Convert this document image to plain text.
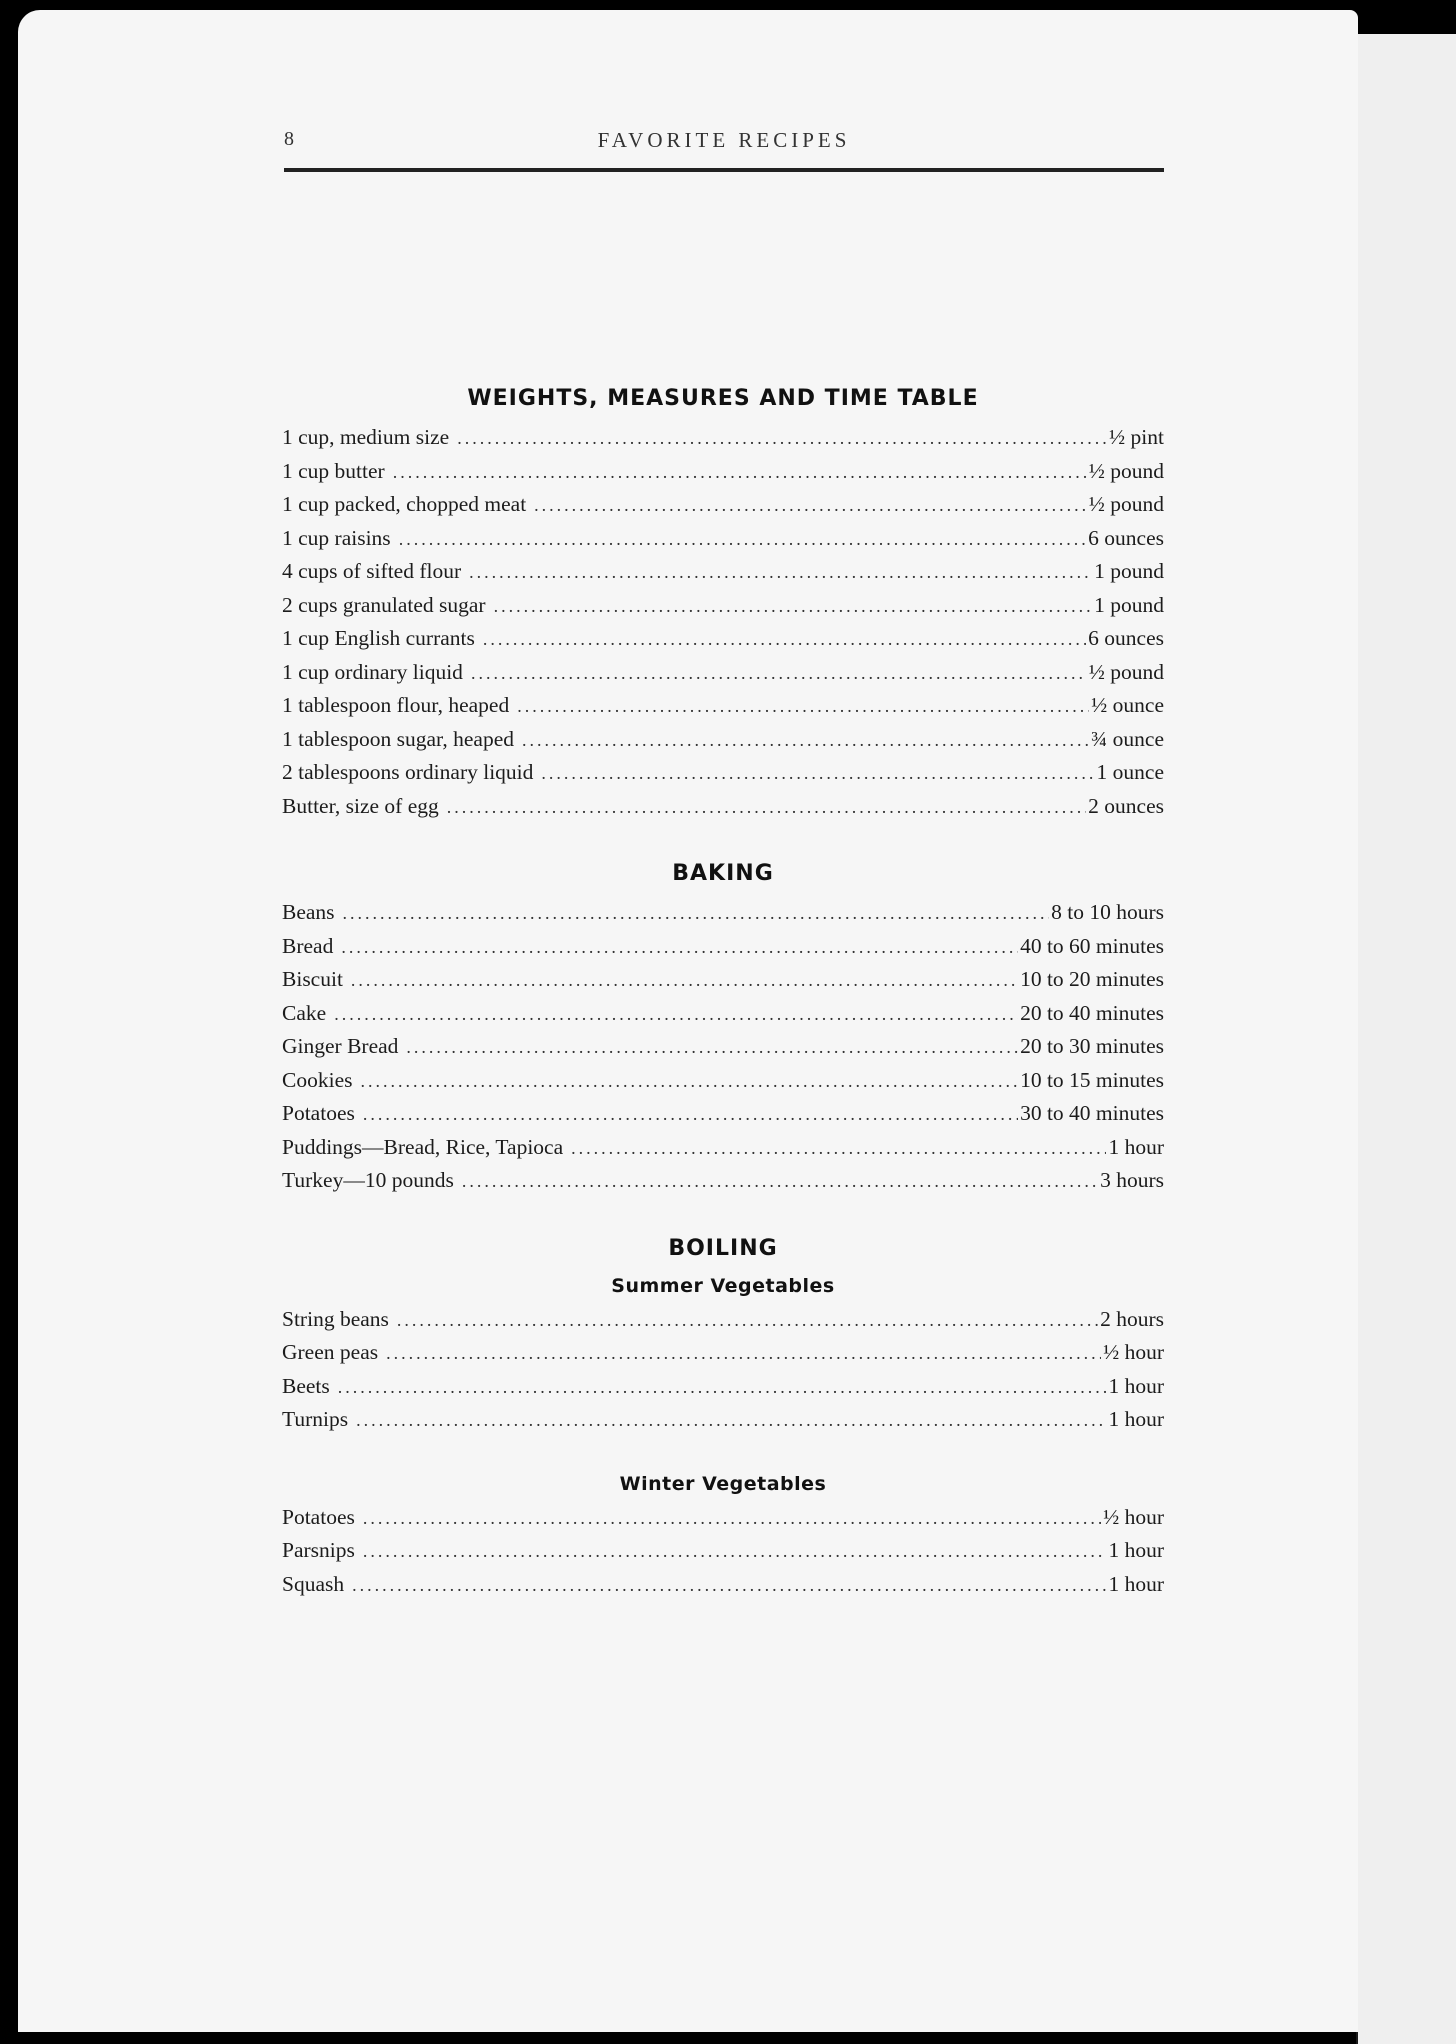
8	FAVORITE RECIPES
WEIGHTS, MEASURES AND TIME TABLE
1 cup, medium size .....	½ pint
1 cup butter .....	½ pound
1 cup packed, chopped meat .....	½ pound
1 cup raisins .....	6 ounces
4 cups of sifted flour .....	1 pound
2 cups granulated sugar .....	1 pound
1 cup English currants .....	6 ounces
1 cup ordinary liquid .....	½ pound
1 tablespoon flour, heaped .....	½ ounce
1 tablespoon sugar, heaped .....	¾ ounce
2 tablespoons ordinary liquid .....	1 ounce
Butter, size of egg .....	2 ounces
BAKING
Beans .....	8 to 10 hours
Bread .....	40 to 60 minutes
Biscuit .....	10 to 20 minutes
Cake .....	20 to 40 minutes
Ginger Bread .....	20 to 30 minutes
Cookies .....	10 to 15 minutes
Potatoes .....	30 to 40 minutes
Puddings—Bread, Rice, Tapioca .....	1 hour
Turkey—10 pounds .....	3 hours
BOILING
Summer Vegetables
String beans .....	2 hours
Green peas .....	½ hour
Beets .....	1 hour
Turnips .....	1 hour
Winter Vegetables
Potatoes .....	½ hour
Parsnips .....	1 hour
Squash .....	1 hour
